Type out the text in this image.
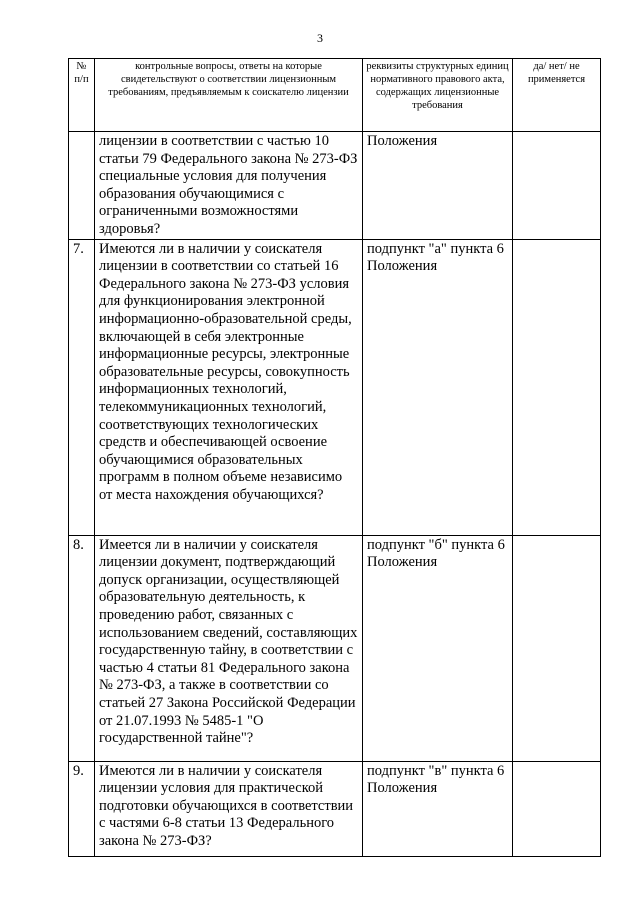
3
№ п/п	контрольные вопросы, ответы на которые свидетельствуют о соответствии лицензионным требованиям, предъявляемым к соискателю лицензии	реквизиты структурных единиц нормативного правового акта, содержащих лицензионные требования	да/ нет/ не применяется

	лицензии в соответствии с частью 10 статьи 79 Федерального закона № 273-ФЗ специальные условия для получения образования обучающимися с ограниченными возможностями здоровья?	Положения	

7.	Имеются ли в наличии у соискателя лицензии в соответствии со статьей 16 Федерального закона № 273-ФЗ условия для функционирования электронной информационно-образовательной среды, включающей в себя электронные информационные ресурсы, электронные образовательные ресурсы, совокупность информационных технологий, телекоммуникационных технологий, соответствующих технологических средств и обеспечивающей освоение обучающимися образовательных программ в полном объеме независимо от места нахождения обучающихся?	подпункт "а" пункта 6 Положения	

8.	Имеется ли в наличии у соискателя лицензии документ, подтверждающий допуск организации, осуществляющей образовательную деятельность, к проведению работ, связанных с использованием сведений, составляющих государственную тайну, в соответствии с частью 4 статьи 81 Федерального закона № 273-ФЗ, а также в соответствии со статьей 27 Закона Российской Федерации от 21.07.1993 № 5485-1 "О государственной тайне"?	подпункт "б" пункта 6 Положения	

9.	Имеются ли в наличии у соискателя лицензии условия для практической подготовки обучающихся в соответствии с частями 6-8 статьи 13 Федерального закона № 273-ФЗ?	подпункт "в" пункта 6 Положения	
